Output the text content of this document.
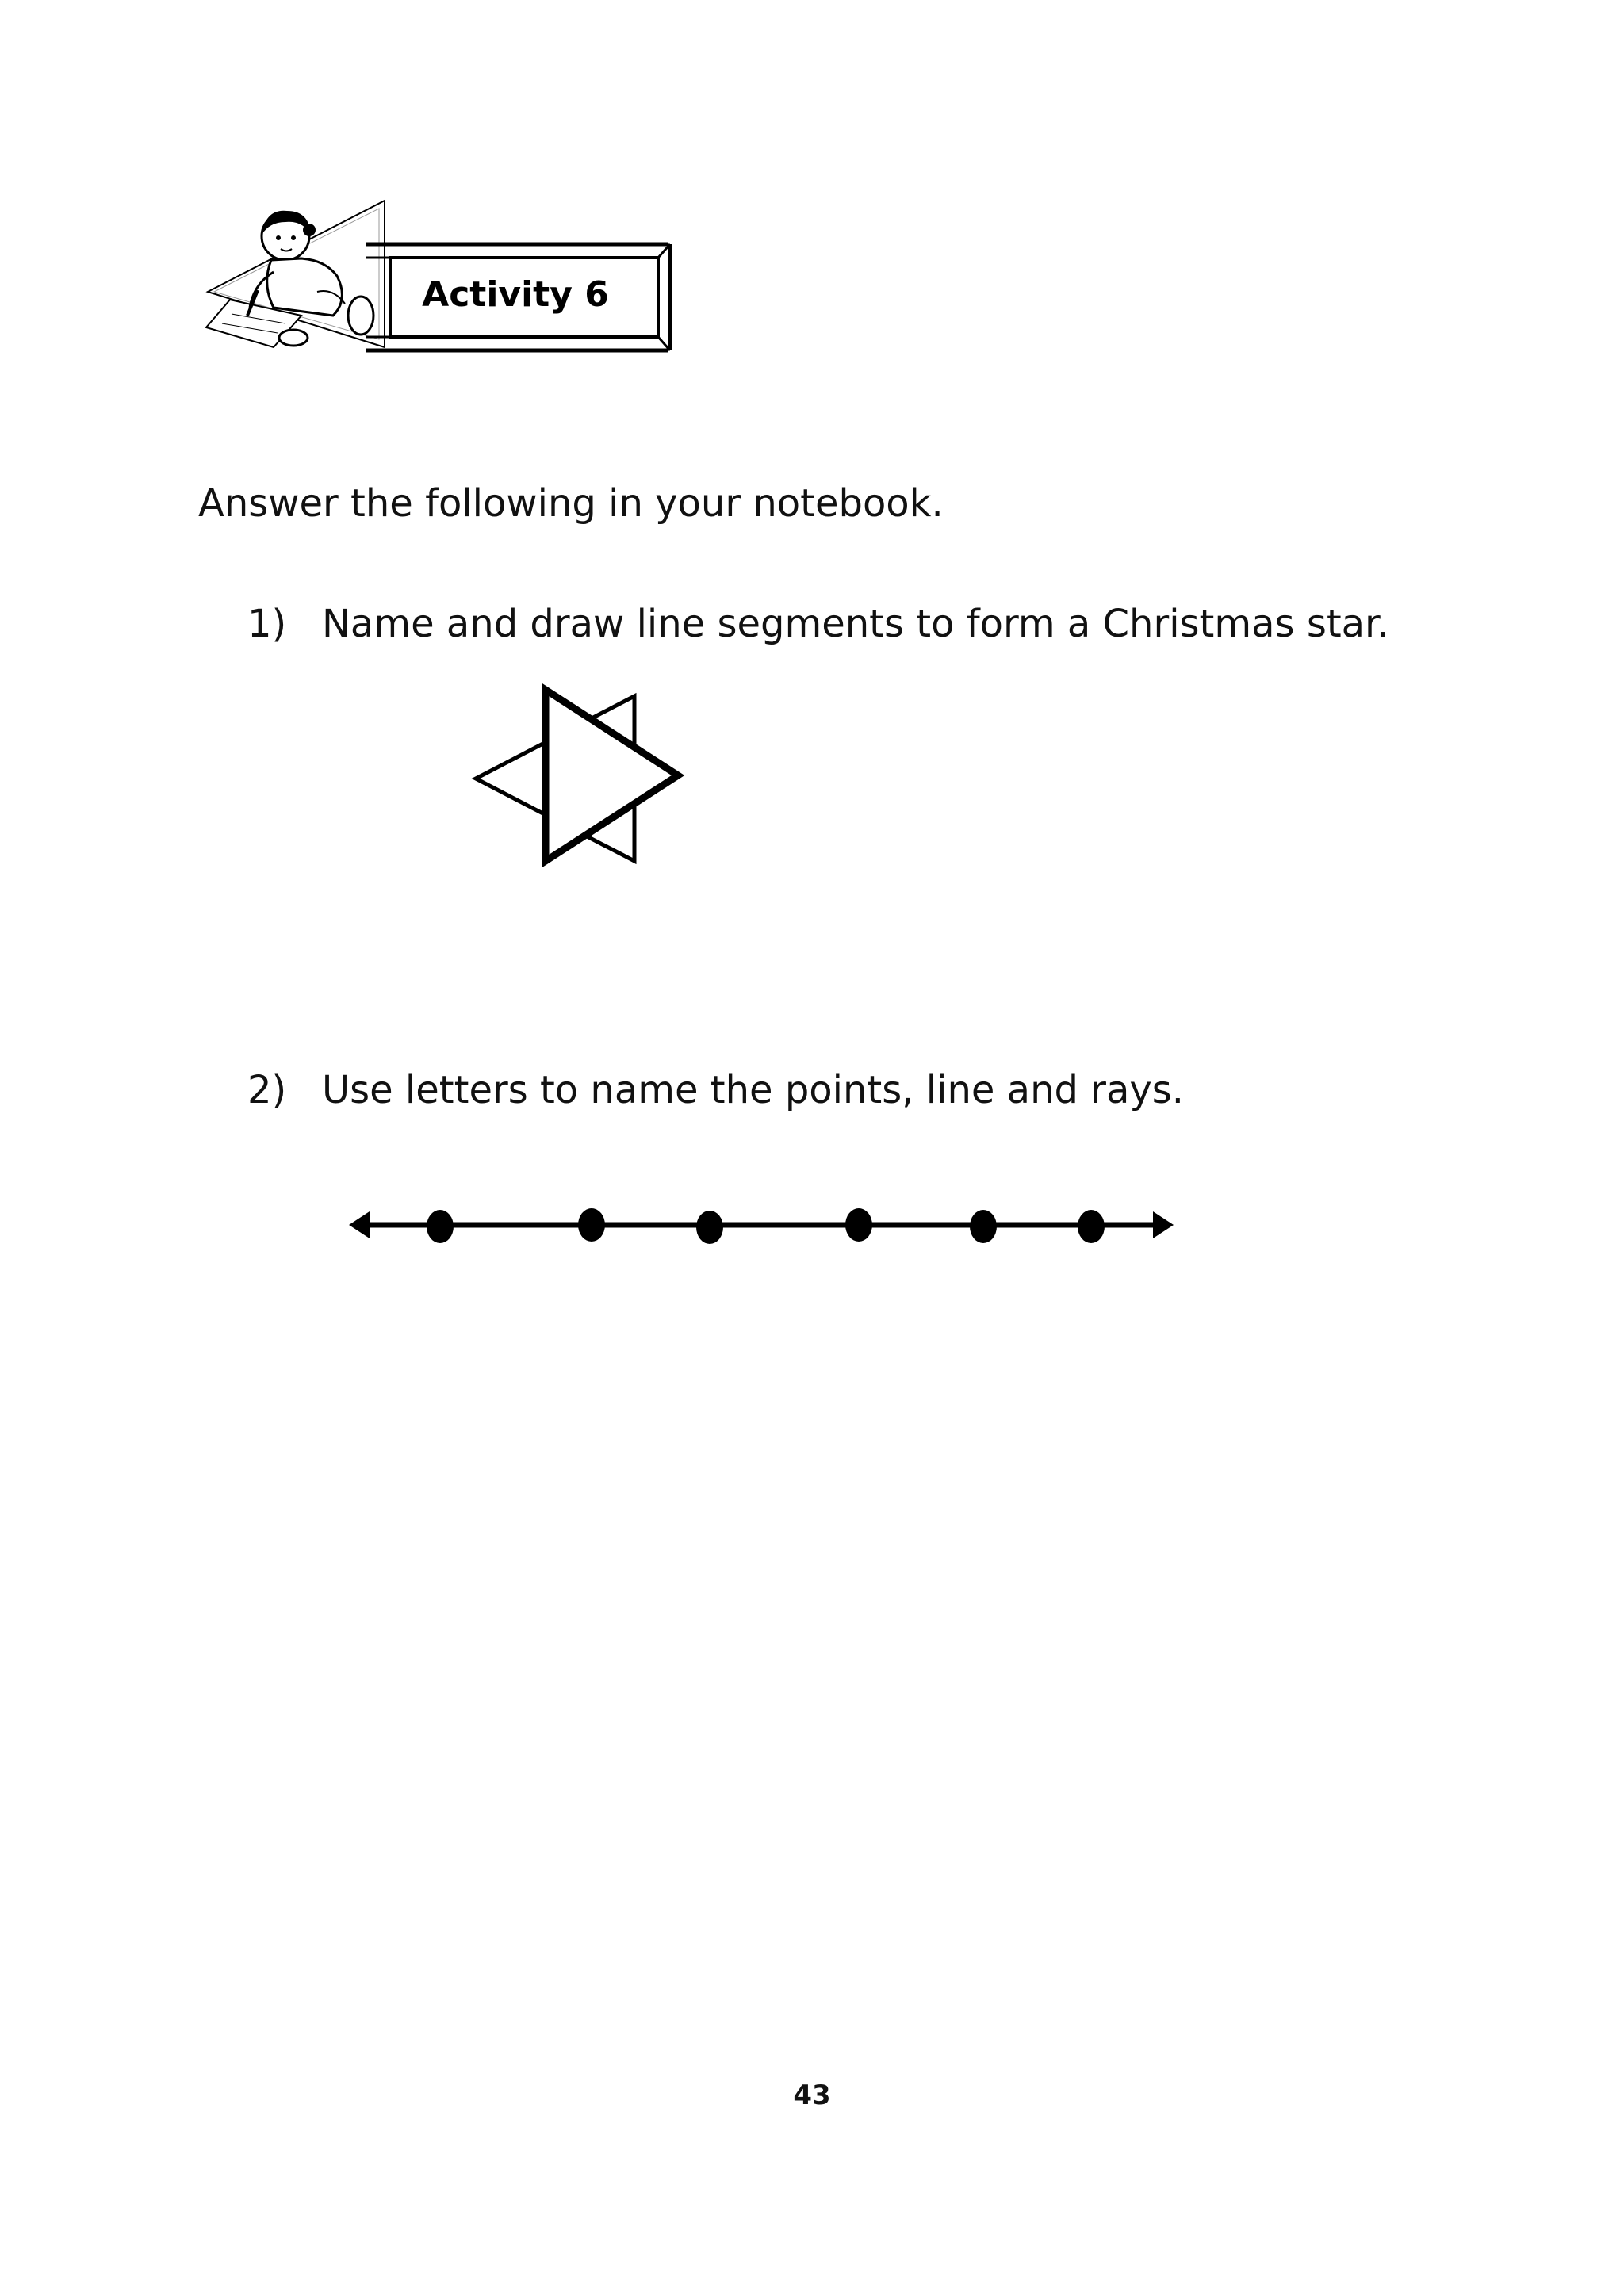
Activity 6
Answer the following in your notebook.
1) Name and draw line segments to form a Christmas star.
2) Use letters to name the points, line and rays.
43
